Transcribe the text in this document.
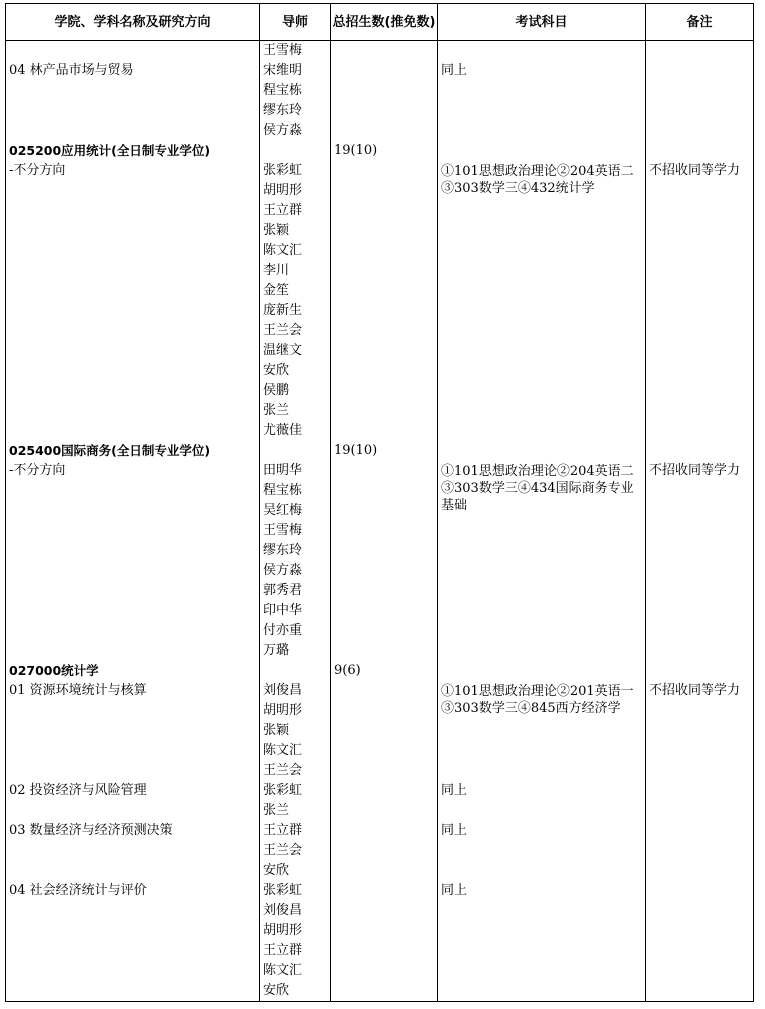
学院、学科名称及研究方向	导师	总招生数(推免数)	考试科目	备注
	王雪梅			
04 林产品市场与贸易	宋维明		同上	
	程宝栋			
	缪东玲			
	侯方淼			
025200应用统计(全日制专业学位)		19(10)		
-不分方向	张彩虹		①101思想政治理论②204英语二③303数学三④432统计学	不招收同等学力
	胡明形			
	王立群			
	张颖			
	陈文汇			
	李川			
	金笙			
	庞新生			
	王兰会			
	温继文			
	安欣			
	侯鹏			
	张兰			
	尤薇佳			
025400国际商务(全日制专业学位)		19(10)		
-不分方向	田明华		①101思想政治理论②204英语二③303数学三④434国际商务专业基础	不招收同等学力
	程宝栋			
	吴红梅			
	王雪梅			
	缪东玲			
	侯方淼			
	郭秀君			
	印中华			
	付亦重			
	万璐			
027000统计学		9(6)		
01 资源环境统计与核算	刘俊昌		①101思想政治理论②201英语一③303数学三④845西方经济学	不招收同等学力
	胡明形			
	张颖			
	陈文汇			
	王兰会			
02 投资经济与风险管理	张彩虹		同上	
	张兰			
03 数量经济与经济预测决策	王立群		同上	
	王兰会			
	安欣			
04 社会经济统计与评价	张彩虹		同上	
	刘俊昌			
	胡明形			
	王立群			
	陈文汇			
	安欣			
